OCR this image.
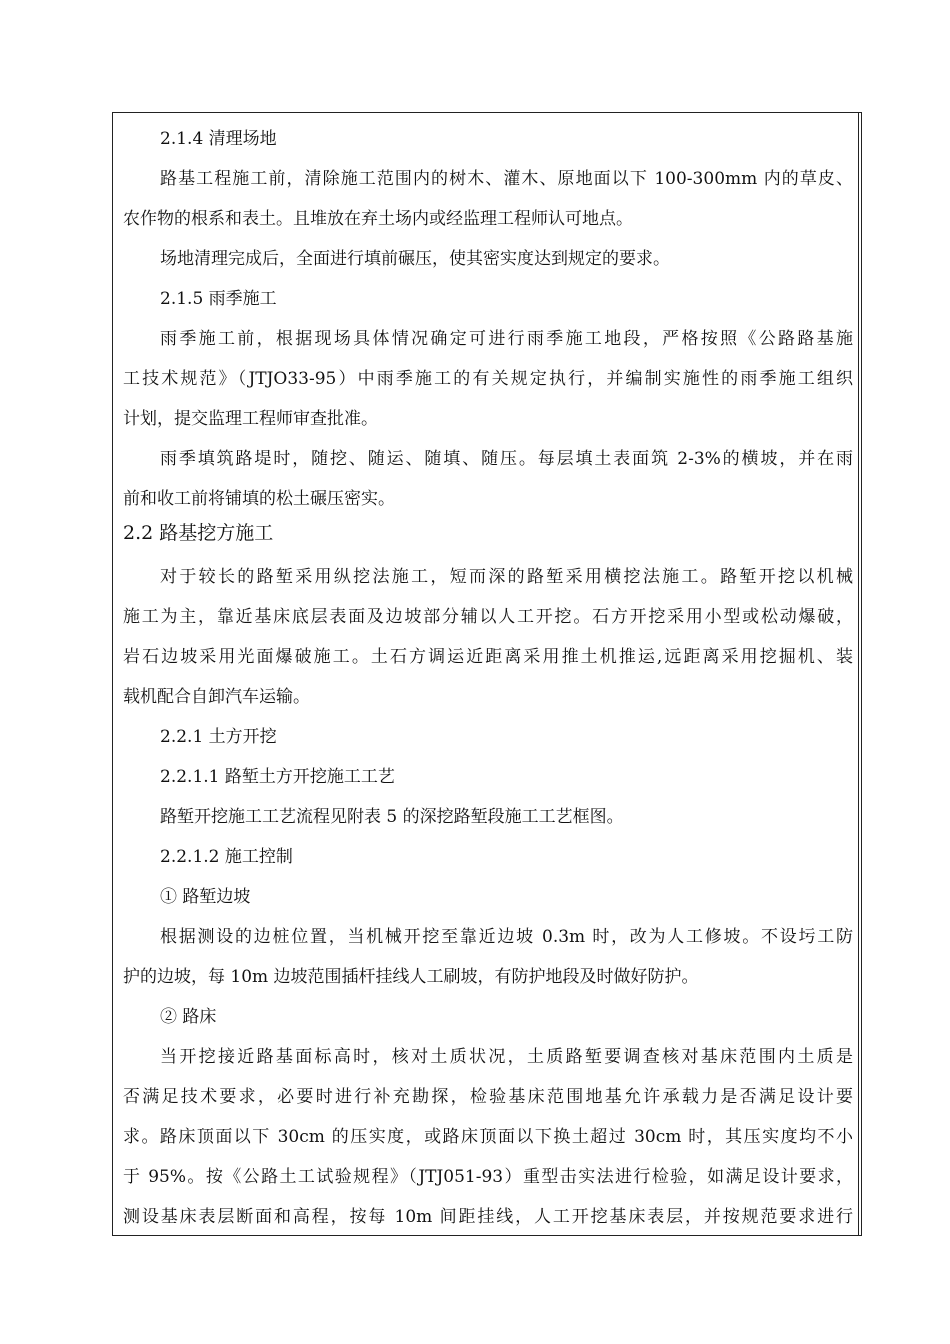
2.1.4 清理场地
路基工程施工前，清除施工范围内的树木、灌木、原地面以下 100-300mm 内的草皮、
农作物的根系和表土。且堆放在弃土场内或经监理工程师认可地点。
场地清理完成后，全面进行填前碾压，使其密实度达到规定的要求。
2.1.5 雨季施工
雨季施工前，根据现场具体情况确定可进行雨季施工地段，严格按照《公路路基施
工技术规范》（JTJO33-95）中雨季施工的有关规定执行，并编制实施性的雨季施工组织
计划，提交监理工程师审查批准。
雨季填筑路堤时，随挖、随运、随填、随压。每层填土表面筑 2-3%的横坡，并在雨
前和收工前将铺填的松土碾压密实。
2.2 路基挖方施工
对于较长的路堑采用纵挖法施工，短而深的路堑采用横挖法施工。路堑开挖以机械
施工为主，靠近基床底层表面及边坡部分辅以人工开挖。石方开挖采用小型或松动爆破，
岩石边坡采用光面爆破施工。土石方调运近距离采用推土机推运,远距离采用挖掘机、装
载机配合自卸汽车运输。
2.2.1 土方开挖
2.2.1.1 路堑土方开挖施工工艺
路堑开挖施工工艺流程见附表 5 的深挖路堑段施工工艺框图。
2.2.1.2 施工控制
① 路堑边坡
根据测设的边桩位置，当机械开挖至靠近边坡 0.3m 时，改为人工修坡。不设圬工防
护的边坡，每 10m 边坡范围插杆挂线人工刷坡，有防护地段及时做好防护。
② 路床
当开挖接近路基面标高时，核对土质状况，土质路堑要调查核对基床范围内土质是
否满足技术要求，必要时进行补充勘探，检验基床范围地基允许承载力是否满足设计要
求。路床顶面以下 30cm 的压实度，或路床顶面以下换土超过 30cm 时，其压实度均不小
于 95%。按《公路土工试验规程》（JTJ051-93）重型击实法进行检验，如满足设计要求，
测设基床表层断面和高程，按每 10m 间距挂线，人工开挖基床表层，并按规范要求进行
